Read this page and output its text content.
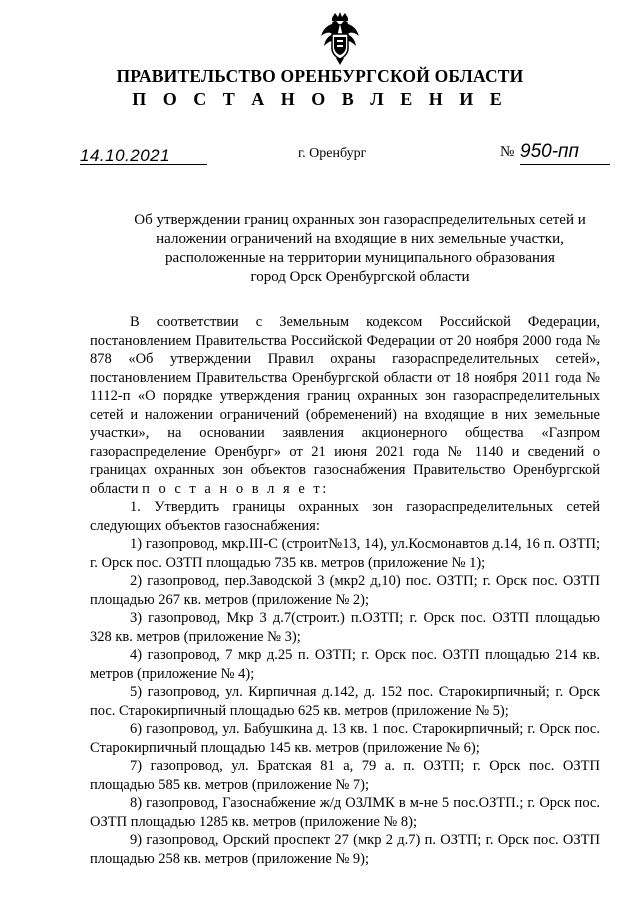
ПРАВИТЕЛЬСТВО ОРЕНБУРГСКОЙ ОБЛАСТИ
П О С Т А Н О В Л Е Н И Е
14.10.2021	г. Оренбург	№ 950-пп
Об утверждении границ охранных зон газораспределительных сетей и
наложении ограничений на входящие в них земельные участки,
расположенные на территории муниципального образования
город Орск Оренбургской области

В соответствии с Земельным кодексом Российской Федерации, постановлением Правительства Российской Федерации от 20 ноября 2000 года № 878 «Об утверждении Правил охраны газораспределительных сетей», постановлением Правительства Оренбургской области от 18 ноября 2011 года № 1112-п «О порядке утверждения границ охранных зон газораспределительных сетей и наложении ограничений (обременений) на входящие в них земельные участки», на основании заявления акционерного общества «Газпром газораспределение Оренбург» от 21 июня 2021 года № 1140 и сведений о границах охранных зон объектов газоснабжения Правительство Оренбургской области п о с т а н о в л я е т:

1. Утвердить границы охранных зон газораспределительных сетей следующих объектов газоснабжения:

1) газопровод, мкр.III-С (строит№13, 14), ул.Космонавтов д.14, 16 п. ОЗТП; г. Орск пос. ОЗТП площадью 735 кв. метров (приложение № 1);

2) газопровод, пер.Заводской 3 (мкр2 д,10) пос. ОЗТП; г. Орск пос. ОЗТП площадью 267 кв. метров (приложение № 2);

3) газопровод, Мкр 3 д.7(строит.) п.ОЗТП; г. Орск пос. ОЗТП площадью 328 кв. метров (приложение № 3);

4) газопровод, 7 мкр д.25 п. ОЗТП; г. Орск пос. ОЗТП площадью 214 кв. метров (приложение № 4);

5) газопровод, ул. Кирпичная д.142, д. 152 пос. Старокирпичный; г. Орск пос. Старокирпичный площадью 625 кв. метров (приложение № 5);

6) газопровод, ул. Бабушкина д. 13 кв. 1 пос. Старокирпичный; г. Орск пос. Старокирпичный площадью 145 кв. метров (приложение № 6);

7) газопровод, ул. Братская 81 а, 79 а. п. ОЗТП; г. Орск пос. ОЗТП площадью 585 кв. метров (приложение № 7);

8) газопровод, Газоснабжение ж/д ОЗЛМК в м-не 5 пос.ОЗТП.; г. Орск пос. ОЗТП площадью 1285 кв. метров (приложение № 8);

9) газопровод, Орский проспект 27 (мкр 2 д.7) п. ОЗТП; г. Орск пос. ОЗТП площадью 258 кв. метров (приложение № 9);
